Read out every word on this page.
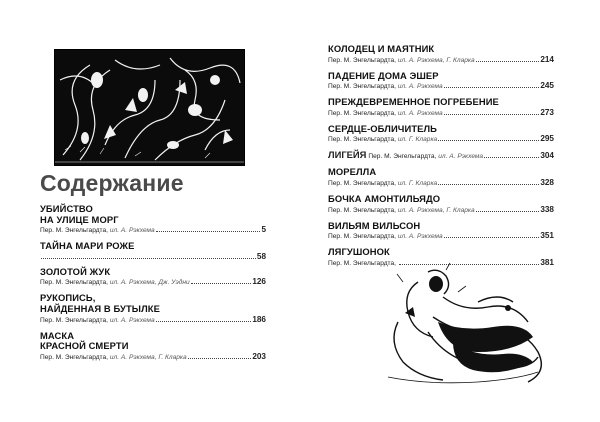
Содержание
УБИЙСТВО
НА УЛИЦЕ МОРГ
Пер. М. Энгельгардта,
ил. А. Рэкхема	5
ТАЙНА МАРИ РОЖЕ
58
ЗОЛОТОЙ ЖУК
Пер. М. Энгельгардта,
ил. А. Рэкхема, Дж. Уэдни	126
РУКОПИСЬ,
НАЙДЕННАЯ В БУТЫЛКЕ
Пер. М. Энгельгардта,
ил. А. Рэкхема	186
МАСКА
КРАСНОЙ СМЕРТИ
Пер. М. Энгельгардта,
ил. А. Рэкхема, Г. Кларка	203
КОЛОДЕЦ И МАЯТНИК
Пер. М. Энгельгардта,
ил. А. Рэкхема, Г. Кларка	214
ПАДЕНИЕ ДОМА ЭШЕР
Пер. М. Энгельгардта,
ил. А. Рэкхема	245
ПРЕЖДЕВРЕМЕННОЕ ПОГРЕБЕНИЕ
Пер. М. Энгельгардта,
ил. А. Рэкхема	273
СЕРДЦЕ-ОБЛИЧИТЕЛЬ
Пер. М. Энгельгардта,
ил. Г. Кларка	295
ЛИГЕЙЯ Пер. М. Энгельгардта,
ил. А. Рэкхема	304
МОРЕЛЛА
Пер. М. Энгельгардта,
ил. Г. Кларка	328
БОЧКА АМОНТИЛЬЯДО
Пер. М. Энгельгардта,
ил. А. Рэкхема, Г. Кларка	338
ВИЛЬЯМ ВИЛЬСОН
Пер. М. Энгельгардта,
ил. А. Рэкхема	351
ЛЯГУШОНОК
Пер. М. Энгельгардта,
	381
